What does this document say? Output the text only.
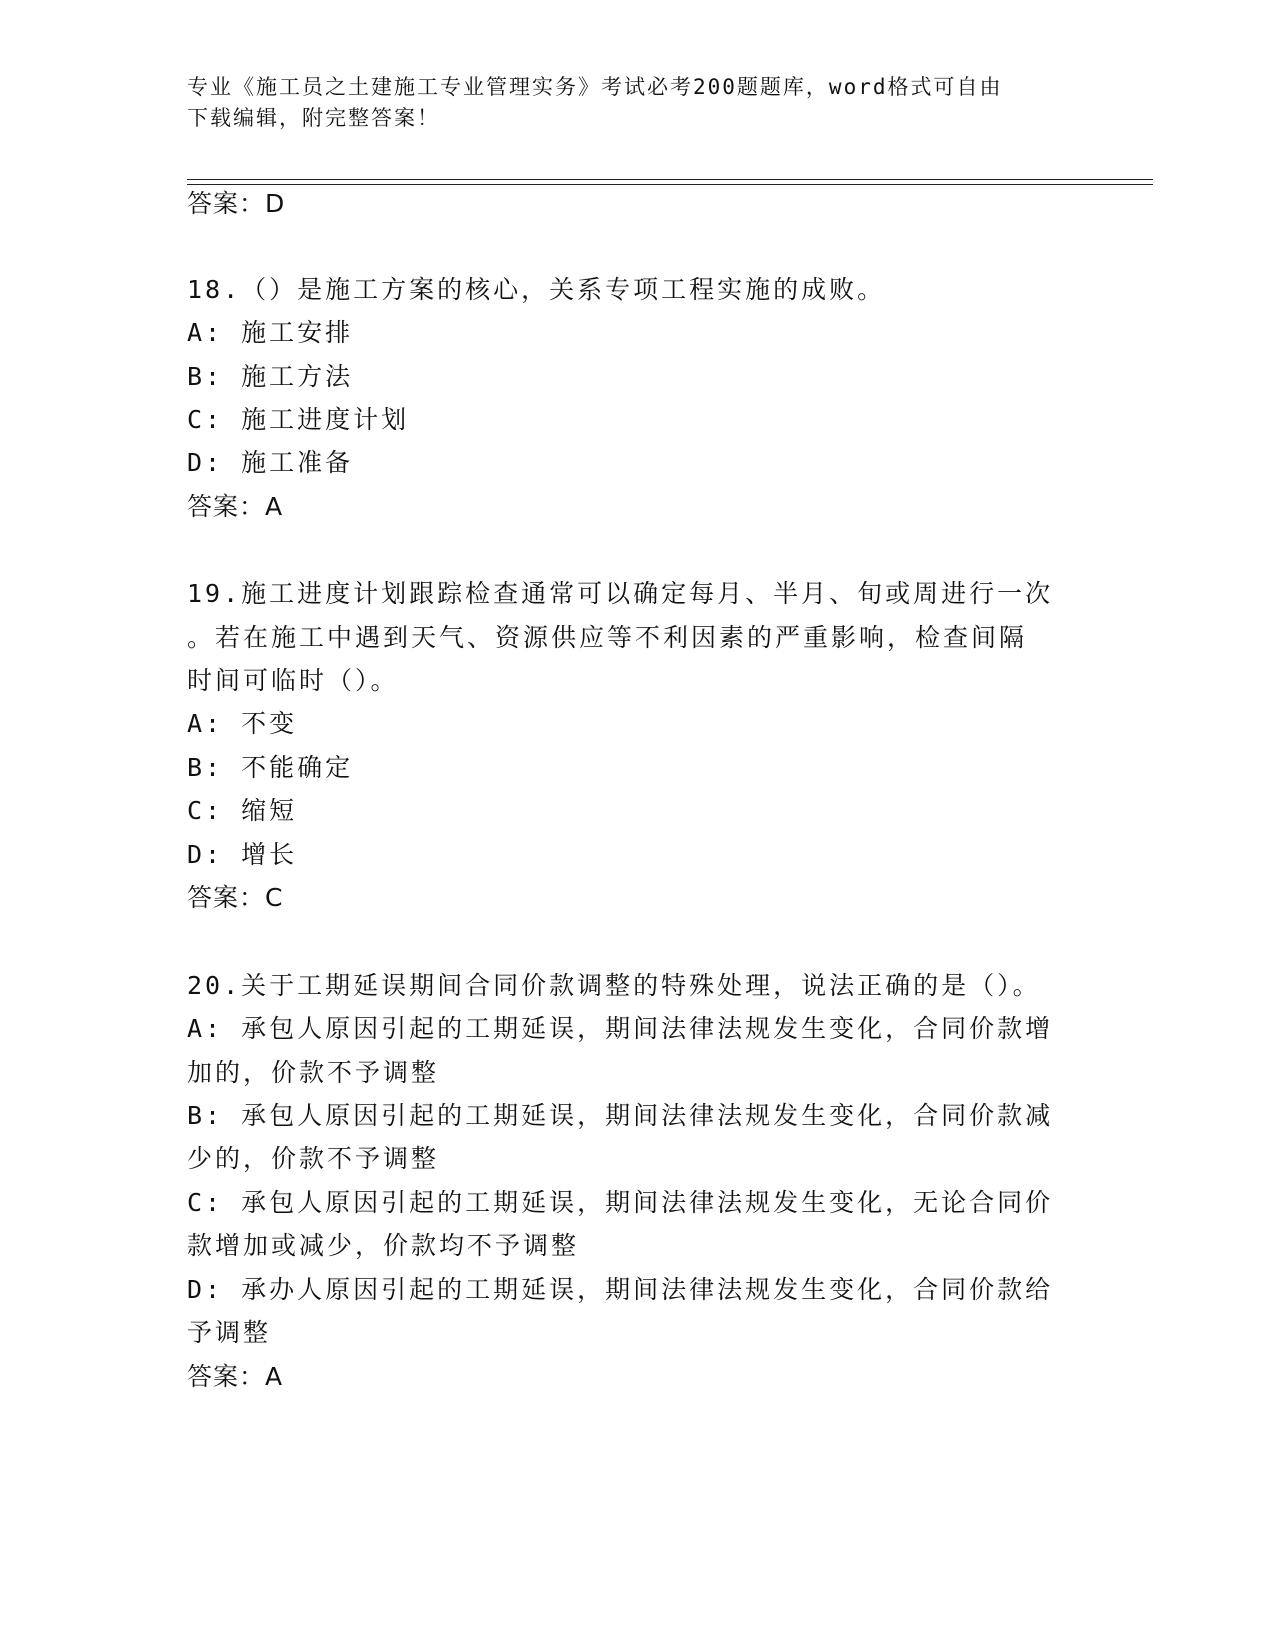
专业《施工员之土建施工专业管理实务》考试必考200题题库，word格式可自由
下载编辑，附完整答案！
答案：D
18.（）是施工方案的核心，关系专项工程实施的成败。
A: 施工安排
B: 施工方法
C: 施工进度计划
D: 施工准备
答案：A
19.施工进度计划跟踪检查通常可以确定每月、半月、旬或周进行一次
。若在施工中遇到天气、资源供应等不利因素的严重影响，检查间隔
时间可临时（）。
A: 不变
B: 不能确定
C: 缩短
D: 增长
答案：C
20.关于工期延误期间合同价款调整的特殊处理，说法正确的是（）。
A: 承包人原因引起的工期延误，期间法律法规发生变化，合同价款增
加的，价款不予调整
B: 承包人原因引起的工期延误，期间法律法规发生变化，合同价款减
少的，价款不予调整
C: 承包人原因引起的工期延误，期间法律法规发生变化，无论合同价
款增加或减少，价款均不予调整
D: 承办人原因引起的工期延误，期间法律法规发生变化，合同价款给
予调整
答案：A
